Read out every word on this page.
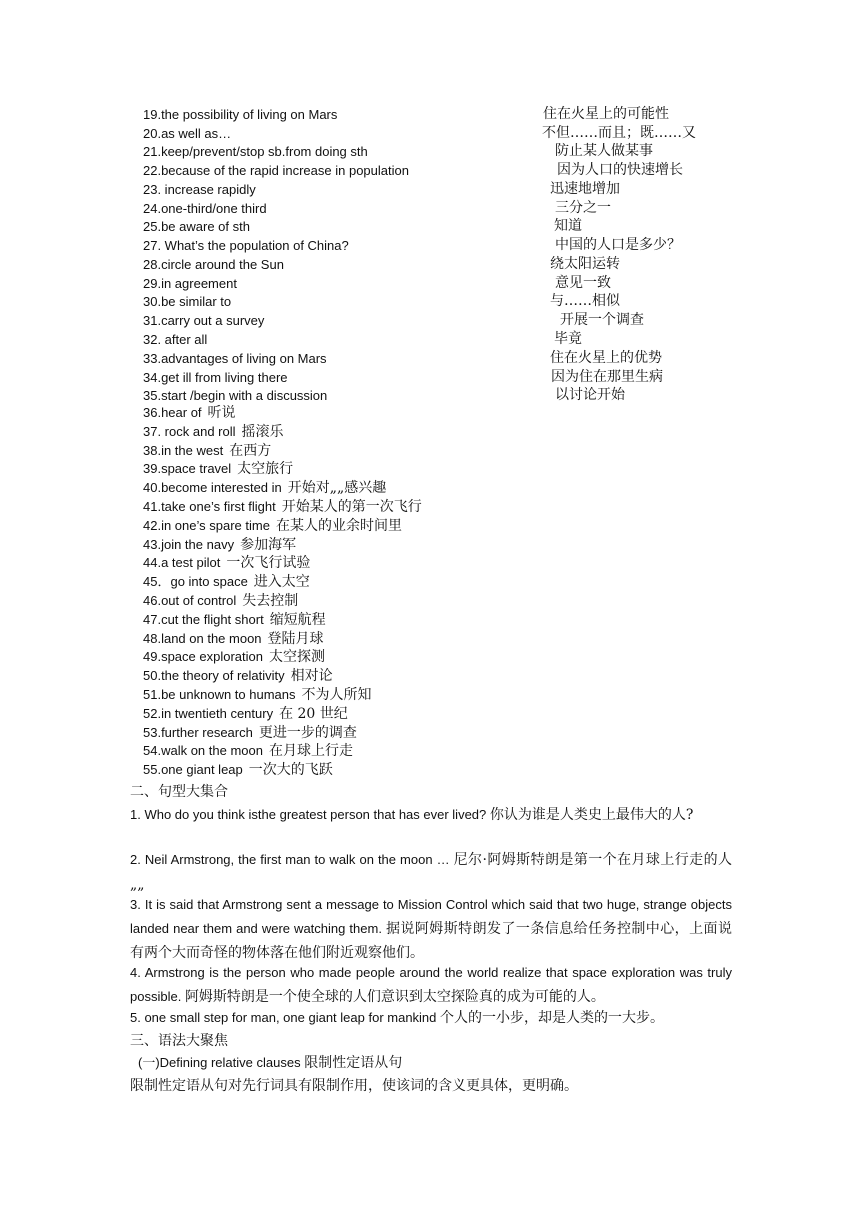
19.the possibility of living on Mars	住在火星上的可能性
20.as well as…	不但……而且；既……又
21.keep/prevent/stop sb.from doing sth	防止某人做某事
22.because of the rapid increase in population	因为人口的快速增长
23. increase rapidly	迅速地增加
24.one-third/one third	三分之一
25.be aware of sth	知道
27. What’s the population of China?	中国的人口是多少？
28.circle around the Sun	绕太阳运转
29.in agreement	意见一致
30.be similar to	与……相似
31.carry out a survey	开展一个调查
32. after all	毕竟
33.advantages of living on Mars	住在火星上的优势
34.get ill from living there	因为住在那里生病
35.start /begin with a discussion	以讨论开始
36.hear of 听说
37. rock and roll 摇滚乐
38.in the west 在西方
39.space travel 太空旅行
40.become interested in 开始对„„感兴趣
41.take one’s first flight 开始某人的第一次飞行
42.in one’s spare time 在某人的业余时间里
43.join the navy 参加海军
44.a test pilot 一次飞行试验
45．go into space 进入太空
46.out of control 失去控制
47.cut the flight short 缩短航程
48.land on the moon 登陆月球
49.space exploration 太空探测
50.the theory of relativity 相对论
51.be unknown to humans 不为人所知
52.in twentieth century 在 20 世纪
53.further research 更进一步的调查
54.walk on the moon 在月球上行走
55.one giant leap 一次大的飞跃
二、句型大集合
1. Who do you think isthe greatest person that has ever lived? 你认为谁是人类史上最伟大的人?
2. Neil Armstrong, the first man to walk on the moon … 尼尔·阿姆斯特朗是第一个在月球上行走的人„„
3. It is said that Armstrong sent a message to Mission Control which said that two huge, strange objects landed near them and were watching them. 据说阿姆斯特朗发了一条信息给任务控制中心，上面说有两个大而奇怪的物体落在他们附近观察他们。
4. Armstrong is the person who made people around the world realize that space exploration was truly possible. 阿姆斯特朗是一个使全球的人们意识到太空探险真的成为可能的人。
5. one small step for man, one giant leap for mankind 个人的一小步，却是人类的一大步。
三、语法大聚焦
(一)Defining relative clauses 限制性定语从句
限制性定语从句对先行词具有限制作用，使该词的含义更具体，更明确。
